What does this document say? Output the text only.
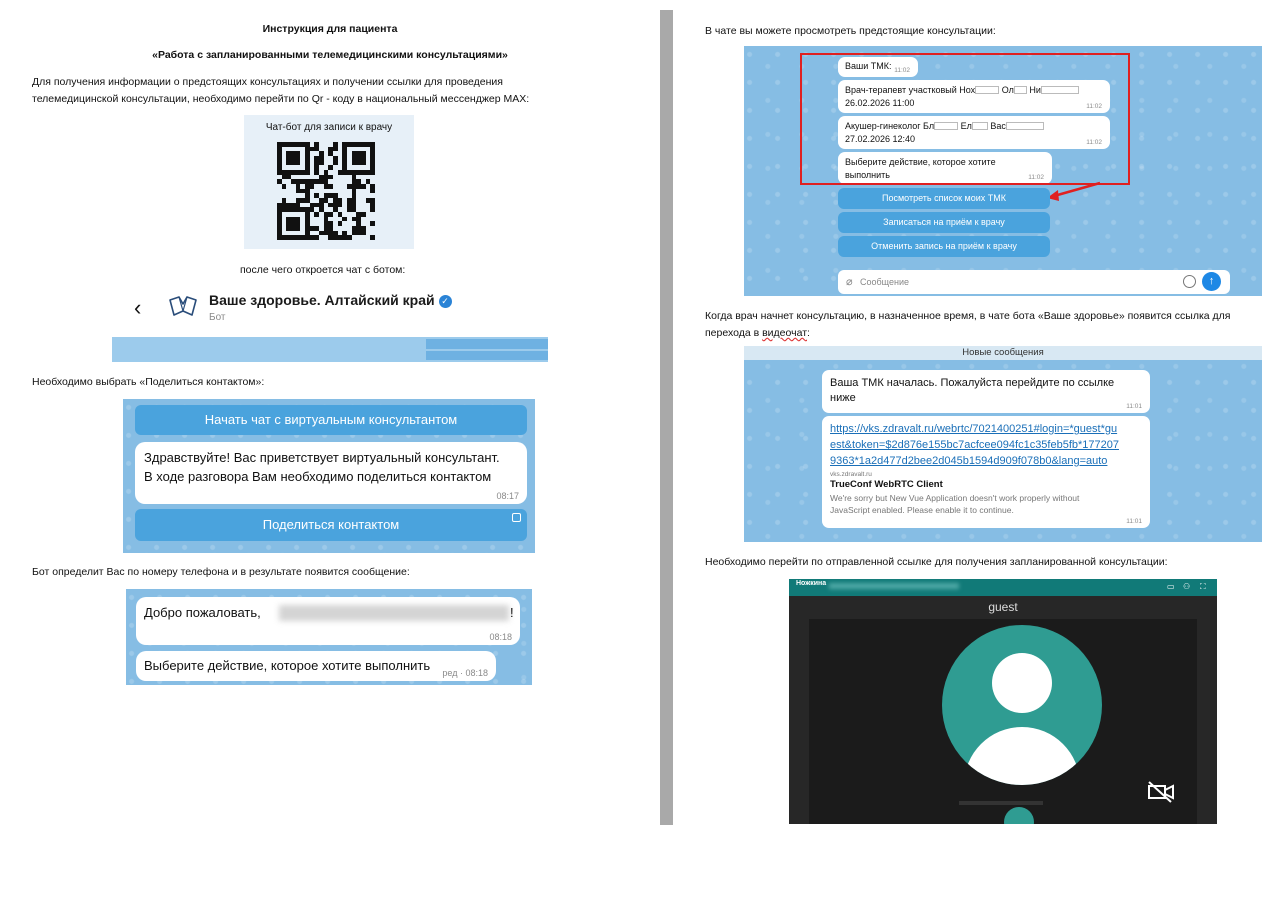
Инструкция для пациента
«Работа с запланированными телемедицинскими консультациями»
Для получения информации о предстоящих консультациях и получении ссылки для проведения
телемедицинской консультации, необходимо перейти по Qr - коду в национальный мессенджер MAX:
Чат-бот для записи к врачу
после чего откроется чат с ботом:
‹	Ваше здоровье. Алтайский край ✓
Бот
Необходимо выбрать «Поделиться контактом»:
Начать чат с виртуальным консультантом
Здравствуйте! Вас приветствует виртуальный консультант.
В ходе разговора Вам необходимо поделиться контактом
08:17
Поделиться контактом
Бот определит Вас по номеру телефона и в результате появится сообщение:
Добро пожаловать,	!
08:18
Выберите действие, которое хотите выполнить ред · 08:18
В чате вы можете просмотреть предстоящие консультации:
Ваши ТМК: 11:02
Врач-терапевт участковый Нох	Ол Ни
26.02.2026 11:00	11:02
Акушер-гинеколог Бл	Ел Вас
27.02.2026 12:40	11:02
Выберите действие, которое хотите
выполнить	11:02
Посмотреть список моих ТМК
Записаться на приём к врачу
Отменить запись на приём к врачу
⌀ Сообщение	↑
Когда врач начнет консультацию, в назначенное время, в чате бота «Ваше здоровье» появится ссылка для
перехода в видеочат:
Новые сообщения
Ваша ТМК началась. Пожалуйста перейдите по ссылке
ниже
11:01
https://vks.zdravalt.ru/webrtc/7021400251#login=*guest*gu
est&token=$2d876e155bc7acfcee094fc1c35feb5fb*177207
9363*1a2d477d2bee2d045b1594d909f078b0&lang=auto
vks.zdravalt.ru
TrueConf WebRTC Client
We're sorry but New Vue Application doesn't work properly without
JavaScript enabled. Please enable it to continue.
11:01
Необходимо перейти по отправленной ссылке для получения запланированной консультации:
Ножкина	▭ ⚇ ⛶
guest
